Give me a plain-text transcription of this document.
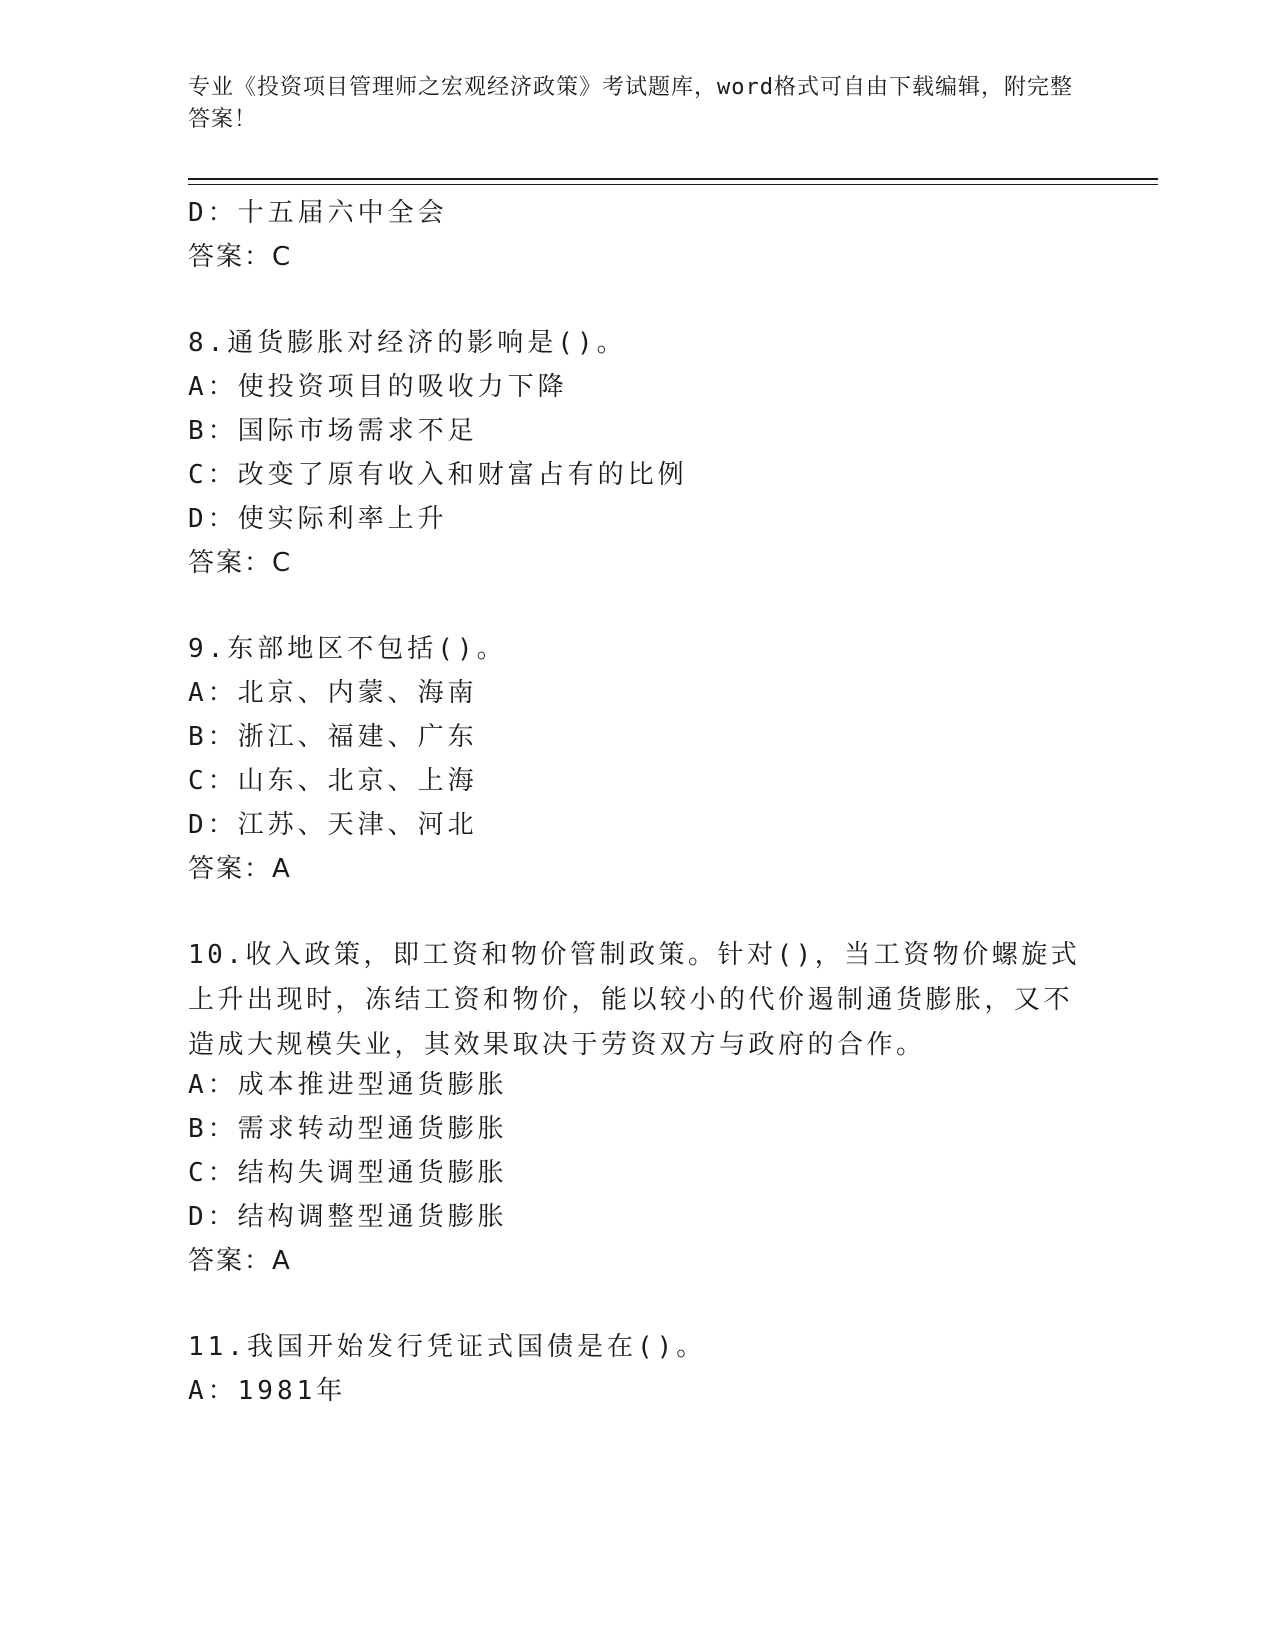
专业《投资项目管理师之宏观经济政策》考试题库，word格式可自由下载编辑，附完整答案！
D：十五届六中全会
答案：C
8.通货膨胀对经济的影响是()。
A：使投资项目的吸收力下降
B：国际市场需求不足
C：改变了原有收入和财富占有的比例
D：使实际利率上升
答案：C
9.东部地区不包括()。
A：北京、内蒙、海南
B：浙江、福建、广东
C：山东、北京、上海
D：江苏、天津、河北
答案：A
10.收入政策，即工资和物价管制政策。针对()，当工资物价螺旋式上升出现时，冻结工资和物价，能以较小的代价遏制通货膨胀，又不造成大规模失业，其效果取决于劳资双方与政府的合作。
A：成本推进型通货膨胀
B：需求转动型通货膨胀
C：结构失调型通货膨胀
D：结构调整型通货膨胀
答案：A
11.我国开始发行凭证式国债是在()。
A：1981年
